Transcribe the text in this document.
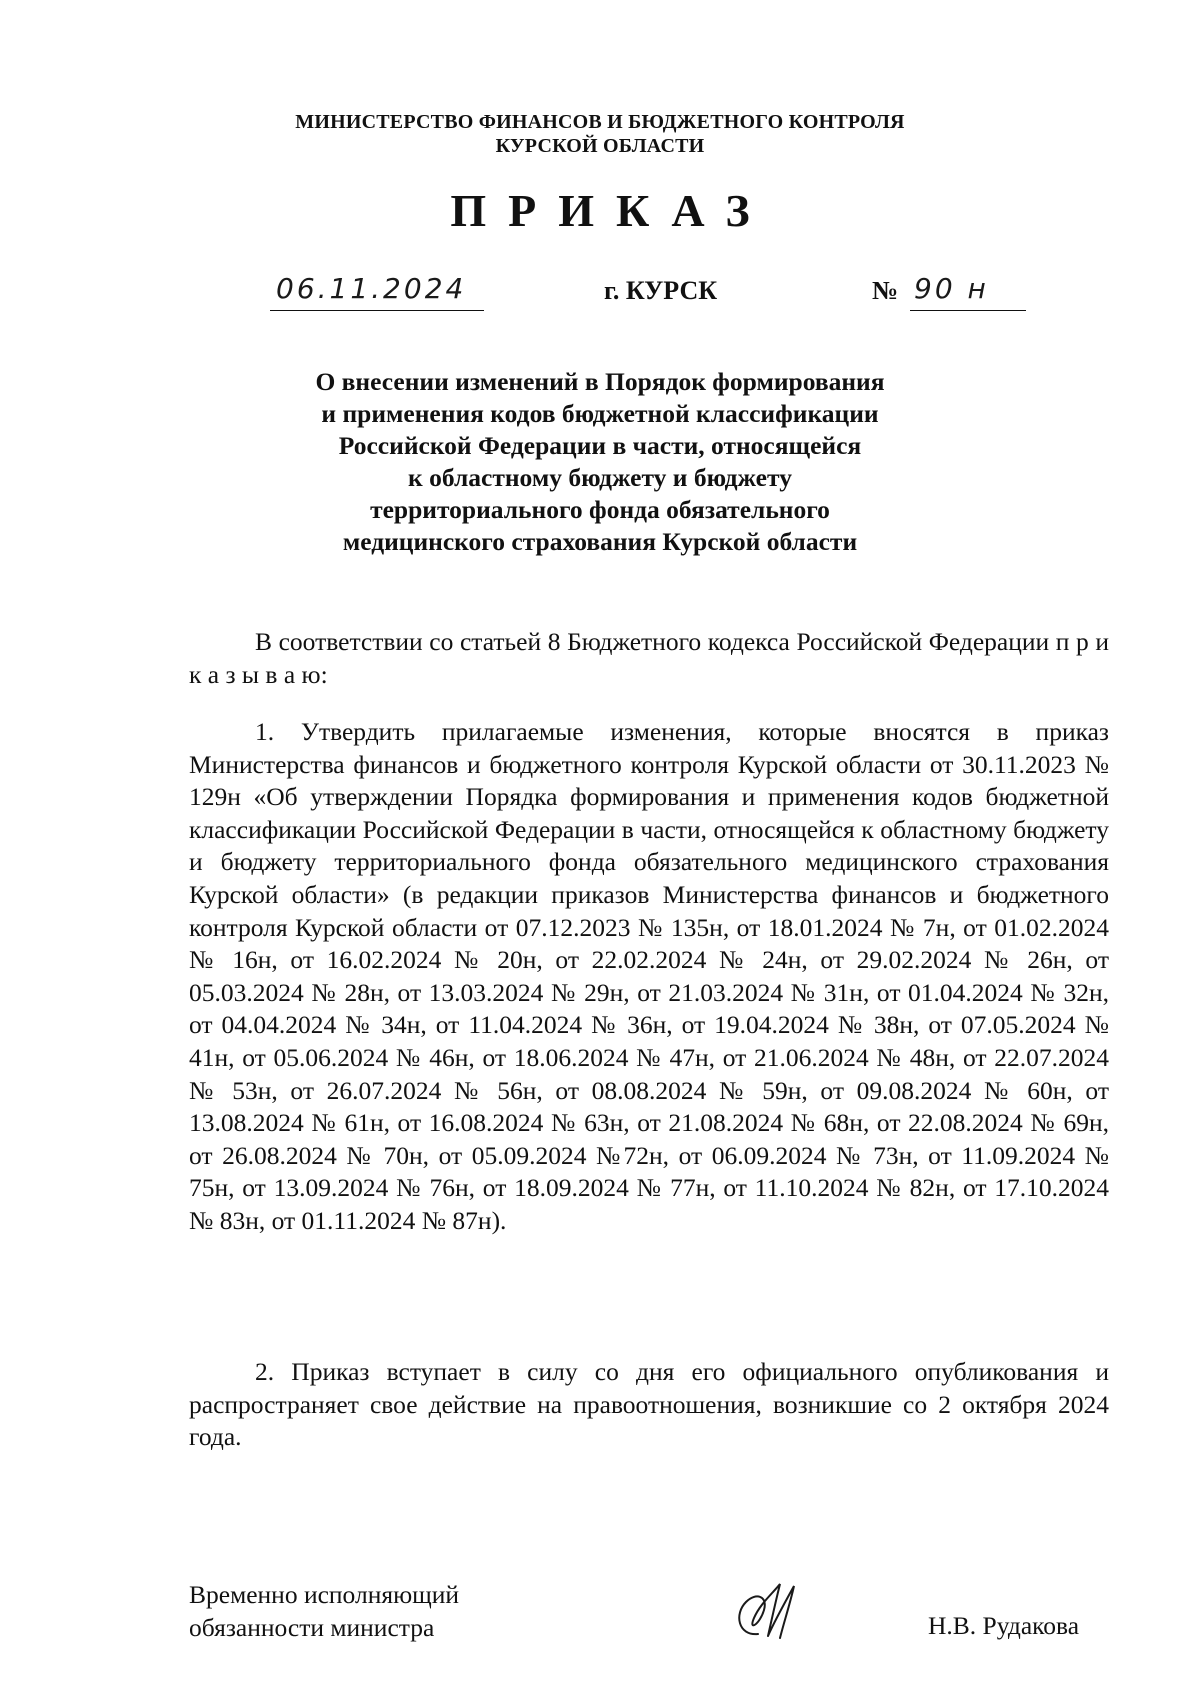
МИНИСТЕРСТВО ФИНАНСОВ И БЮДЖЕТНОГО КОНТРОЛЯ
КУРСКОЙ ОБЛАСТИ
ПРИКАЗ
06.11.2024	г. КУРСК	№ 90 н
О внесении изменений в Порядок формирования
и применения кодов бюджетной классификации
Российской Федерации в части, относящейся
к областному бюджету и бюджету
территориального фонда обязательного
медицинского страхования Курской области
В соответствии со статьей 8 Бюджетного кодекса Российской Федерации п р и к а з ы в а ю:
1. Утвердить прилагаемые изменения, которые вносятся в приказ Министерства финансов и бюджетного контроля Курской области от 30.11.2023 № 129н «Об утверждении Порядка формирования и применения кодов бюджетной классификации Российской Федерации в части, относящейся к областному бюджету и бюджету территориального фонда обязательного медицинского страхования Курской области» (в редакции приказов Министерства финансов и бюджетного контроля Курской области от 07.12.2023 № 135н, от 18.01.2024 № 7н, от 01.02.2024 № 16н, от 16.02.2024 № 20н, от 22.02.2024 № 24н, от 29.02.2024 № 26н, от 05.03.2024 № 28н, от 13.03.2024 № 29н, от 21.03.2024 № 31н, от 01.04.2024 № 32н, от 04.04.2024 № 34н, от 11.04.2024 № 36н, от 19.04.2024 № 38н, от 07.05.2024 № 41н, от 05.06.2024 № 46н, от 18.06.2024 № 47н, от 21.06.2024 № 48н, от 22.07.2024 № 53н, от 26.07.2024 № 56н, от 08.08.2024 № 59н, от 09.08.2024 № 60н, от 13.08.2024 № 61н, от 16.08.2024 № 63н, от 21.08.2024 № 68н, от 22.08.2024 № 69н, от 26.08.2024 № 70н, от 05.09.2024 №72н, от 06.09.2024 № 73н, от 11.09.2024 № 75н, от 13.09.2024 № 76н, от 18.09.2024 № 77н, от 11.10.2024 № 82н, от 17.10.2024 № 83н, от 01.11.2024 № 87н).
2. Приказ вступает в силу со дня его официального опубликования и распространяет свое действие на правоотношения, возникшие со 2 октября 2024 года.
Временно исполняющий
обязанности министра	Н.В. Рудакова
